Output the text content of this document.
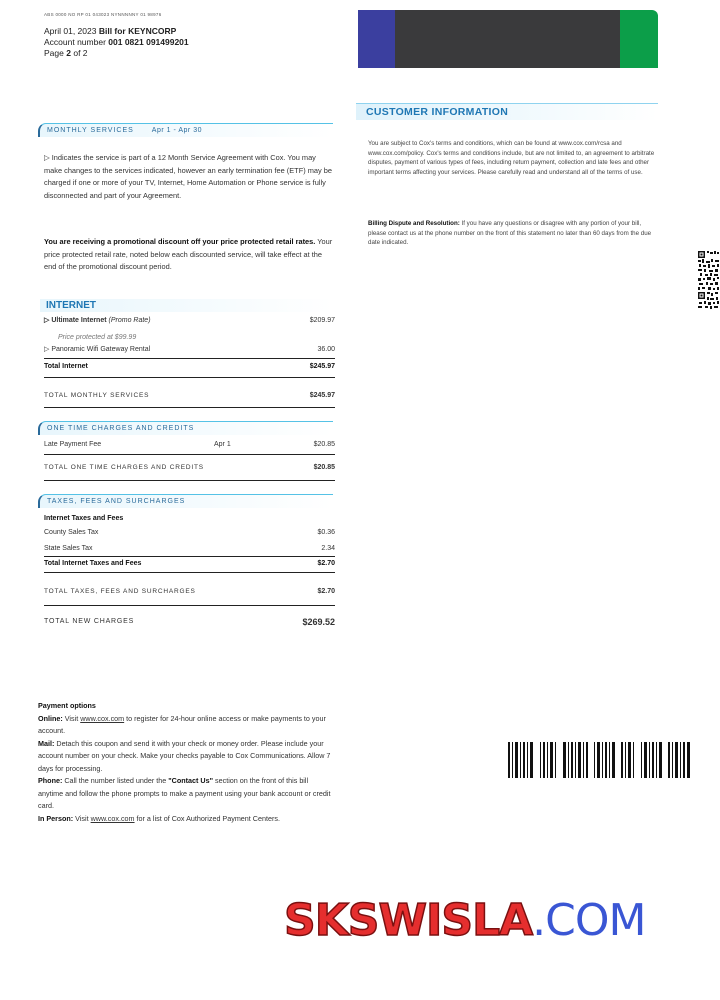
ABS 0000 NO RP 01 043023 NYNNNNNY 01 98976
April 01, 2023 Bill for KEYNCORP
Account number 001 0821 091499201
Page 2 of 2
MONTHLY SERVICES	Apr 1 - Apr 30
▷ Indicates the service is part of a 12 Month Service Agreement with Cox. You may make changes to the services indicated, however an early termination fee (ETF) may be charged if one or more of your TV, Internet, Home Automation or Phone service is fully disconnected and part of your Agreement.
You are receiving a promotional discount off your price protected retail rates. Your price protected retail rate, noted below each discounted service, will take effect at the end of the promotional discount period.
INTERNET
▷ Ultimate Internet (Promo Rate)	$209.97
Price protected at $99.99
▷ Panoramic Wifi Gateway Rental	36.00
Total Internet	$245.97
TOTAL MONTHLY SERVICES	$245.97
ONE TIME CHARGES AND CREDITS
Late Payment Fee	Apr 1	$20.85
TOTAL ONE TIME CHARGES AND CREDITS	$20.85
TAXES, FEES AND SURCHARGES
Internet Taxes and Fees
County Sales Tax	$0.36
State Sales Tax	2.34
Total Internet Taxes and Fees	$2.70
TOTAL TAXES, FEES AND SURCHARGES	$2.70
TOTAL NEW CHARGES	$269.52
CUSTOMER INFORMATION
You are subject to Cox's terms and conditions, which can be found at www.cox.com/rcsa and www.cox.com/policy. Cox's terms and conditions include, but are not limited to, an agreement to arbitrate disputes, payment of various types of fees, including return payment, collection and late fees and other important terms affecting your services. Please carefully read and understand all of the terms of use.
Billing Dispute and Resolution: If you have any questions or disagree with any portion of your bill, please contact us at the phone number on the front of this statement no later than 60 days from the due date indicated.
Payment options
Online: Visit www.cox.com to register for 24-hour online access or make payments to your account.
Mail: Detach this coupon and send it with your check or money order. Please include your account number on your check. Make your checks payable to Cox Communications. Allow 7 days for processing.
Phone: Call the number listed under the "Contact Us" section on the front of this bill anytime and follow the phone prompts to make a payment using your bank account or credit card.
In Person: Visit www.cox.com for a list of Cox Authorized Payment Centers.
SKSWISLA.COM
